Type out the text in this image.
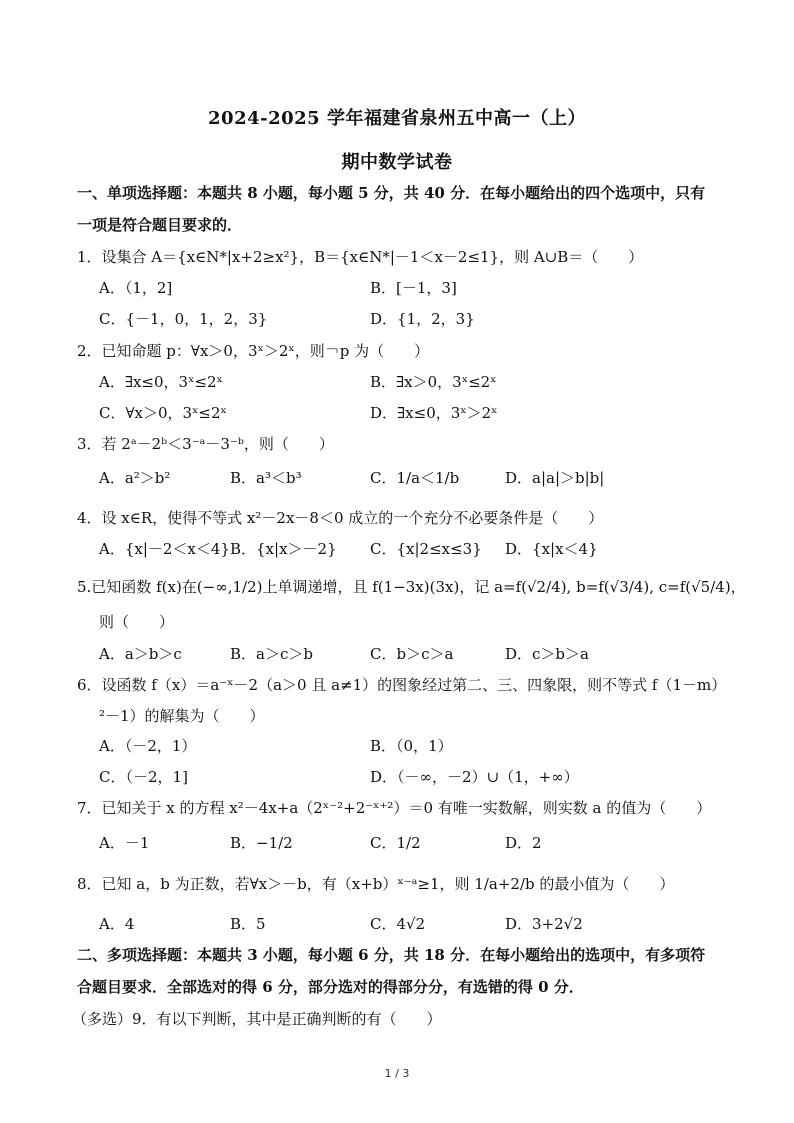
2024-2025 学年福建省泉州五中高一（上）
期中数学试卷
一、单项选择题：本题共 8 小题，每小题 5 分，共 40 分．在每小题给出的四个选项中，只有
一项是符合题目要求的．
1．设集合 A＝{x∈N*|x+2≥x²}，B＝{x∈N*|－1＜x－2≤1}，则 A∪B＝（　　）
A．（1，2]	B．[－1，3]
C．{－1，0，1，2，3}	D．{1，2，3}
2．已知命题 p：∀x＞0，3ˣ＞2ˣ，则￢p 为（　　）
A．∃x≤0，3ˣ≤2ˣ	B．∃x＞0，3ˣ≤2ˣ
C．∀x＞0，3ˣ≤2ˣ	D．∃x≤0，3ˣ＞2ˣ
3．若 2ᵃ－2ᵇ＜3⁻ᵃ－3⁻ᵇ，则（　　）
A．a²＞b²	B．a³＜b³	C．1/a＜1/b	D．a|a|＞b|b|
4．设 x∈R，使得不等式 x²－2x－8＜0 成立的一个充分不必要条件是（　　）
A．{x|－2＜x＜4} B．{x|x＞－2} C．{x|2≤x≤3} D．{x|x＜4}
5.已知函数 f(x)在(−∞,1/2)上单调递增，且 f(1−3x)(3x)，记 a=f(√2/4), b=f(√3/4), c=f(√5/4)，
则（　　）
A．a＞b＞c	B．a＞c＞b	C．b＞c＞a	D．c＞b＞a
6．设函数 f（x）＝a⁻ˣ－2（a＞0 且 a≠1）的图象经过第二、三、四象限，则不等式 f（1－m）
²－1）的解集为（　　）
A．（－2，1）	B．（0，1）
C．（－2，1]	D．（－∞，－2）∪（1，+∞）
7．已知关于 x 的方程 x²－4x+a（2ˣ⁻²+2⁻ˣ⁺²）＝0 有唯一实数解，则实数 a 的值为（　　）
A．－1	B．−1/2	C．1/2	D．2
8．已知 a，b 为正数，若∀x＞－b，有（x+b）ˣ⁻ᵃ≥1，则 1/a+2/b 的最小值为（　　）
A．4	B．5	C．4√2	D．3+2√2
二、多项选择题：本题共 3 小题，每小题 6 分，共 18 分．在每小题给出的选项中，有多项符
合题目要求．全部选对的得 6 分，部分选对的得部分分，有选错的得 0 分．
（多选）9．有以下判断，其中是正确判断的有（　　）
1 / 3
